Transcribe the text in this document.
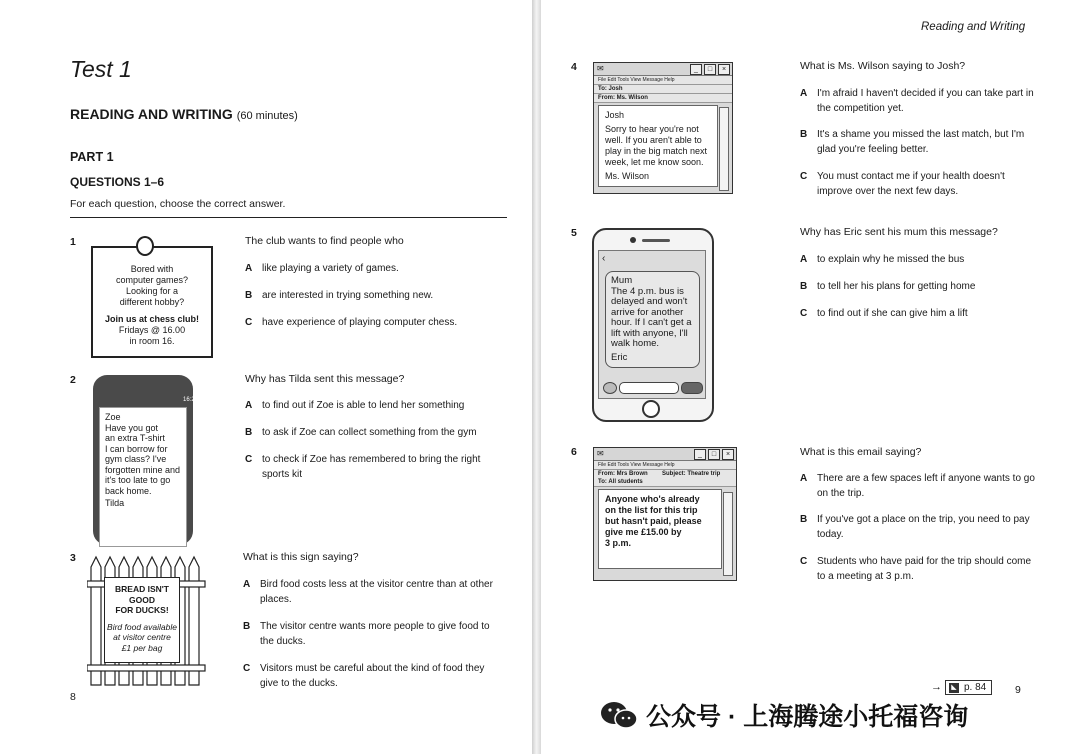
Test 1
READING AND WRITING (60 minutes)
PART 1
QUESTIONS 1–6
For each question, choose the correct answer.
1
Bored with
computer games?
Looking for a
different hobby?
Join us at chess club!
Fridays @ 16.00
in room 16.
The club wants to find people who
A like playing a variety of games.
B are interested in trying something new.
C have experience of playing computer chess.
2
16:21
Zoe
Have you got
an extra T-shirt
I can borrow for
gym class? I've
forgotten mine and
it's too late to go
back home.
Tilda
Why has Tilda sent this message?
A to find out if Zoe is able to lend her something
B to ask if Zoe can collect something from the gym
C to check if Zoe has remembered to bring the right sports kit
3
BREAD ISN'T
GOOD
FOR DUCKS!
Bird food available
at visitor centre
£1 per bag
What is this sign saying?
A Bird food costs less at the visitor centre than at other places.
B The visitor centre wants more people to give food to the ducks.
C Visitors must be careful about the kind of food they give to the ducks.
8
Reading and Writing
4	✉	_	□	×
File Edit Tools View Message Help
To: Josh
From: Ms. Wilson
Josh
Sorry to hear you're not
well. If you aren't able to
play in the big match next
week, let me know soon.
Ms. Wilson
What is Ms. Wilson saying to Josh?
A I'm afraid I haven't decided if you can take part in the competition yet.
B It's a shame you missed the last match, but I'm glad you're feeling better.
C You must contact me if your health doesn't improve over the next few days.
5
‹
Mum
The 4 p.m. bus is
delayed and won't
arrive for another
hour. If I can't get a
lift with anyone, I'll
walk home.
Eric
Why has Eric sent his mum this message?
A to explain why he missed the bus
B to tell her his plans for getting home
C to find out if she can give him a lift
6	✉	_	□	×
File Edit Tools View Message Help
From: Mrs Brown
To: All students
Subject: Theatre trip
Anyone who's already
on the list for this trip
but hasn't paid, please
give me £15.00 by
3 p.m.
What is this email saying?
A There are a few spaces left if anyone wants to go on the trip.
B If you've got a place on the trip, you need to pay today.
C Students who have paid for the trip should come to a meeting at 3 p.m.
→	◣ p. 84	9
公众号 · 上海腾途小托福咨询
